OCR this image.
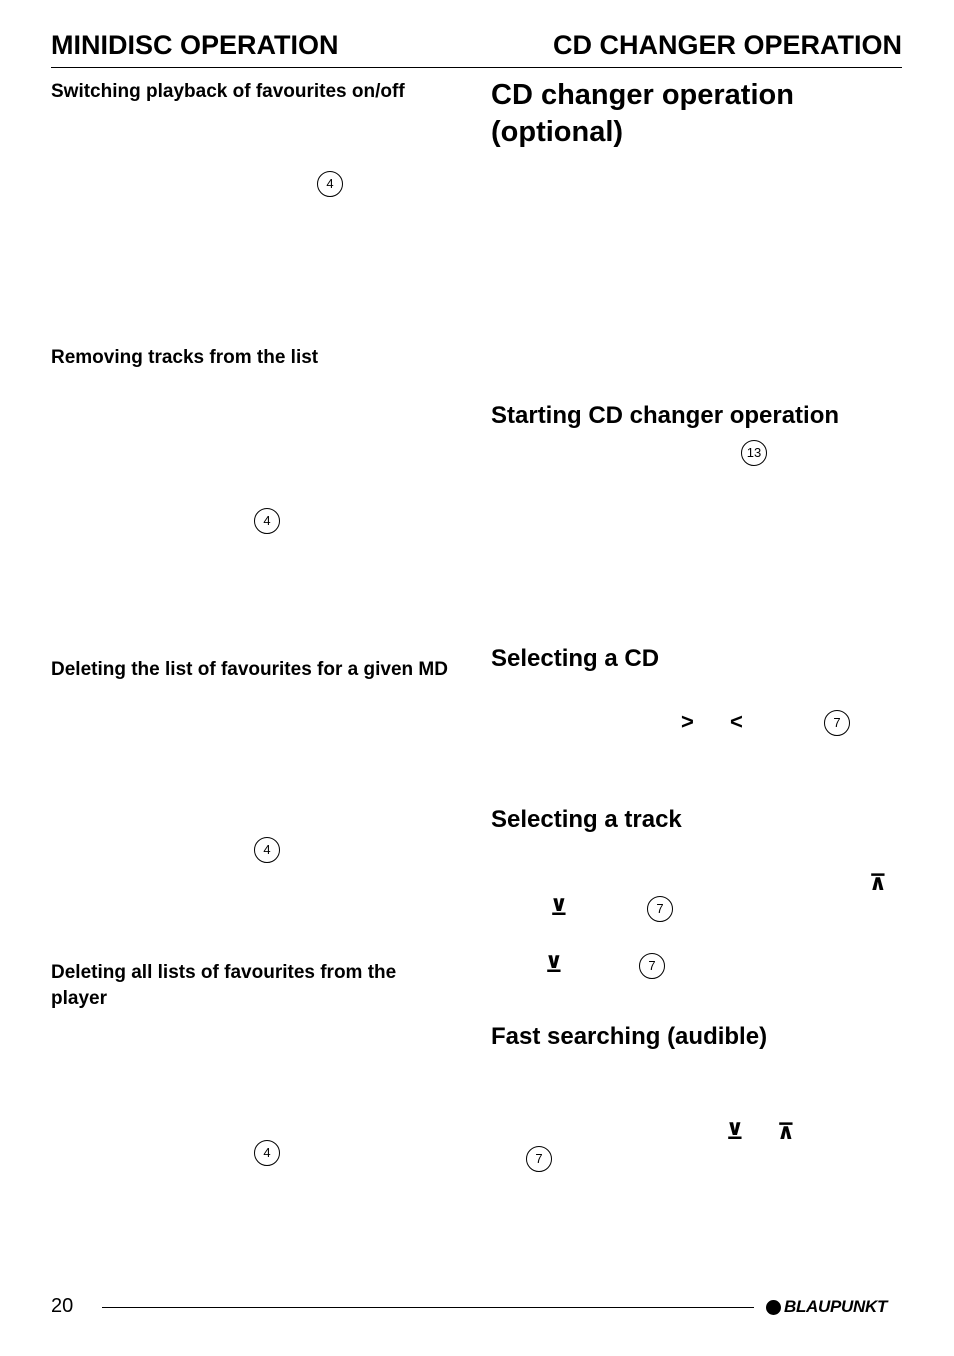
MINIDISC OPERATION	CD CHANGER OPERATION
Switching playback of favourites on/off
4
Removing tracks from the list
4
Deleting the list of favourites for a given MD
4
Deleting all lists of favourites from the player
4
CD changer operation (optional)
Starting CD changer operation
13
Selecting a CD
> <	7
Selecting a track
⊼
⊻	7
⊻	7
Fast searching (audible)
⊻ ⊼
7
20	BLAUPUNKT
